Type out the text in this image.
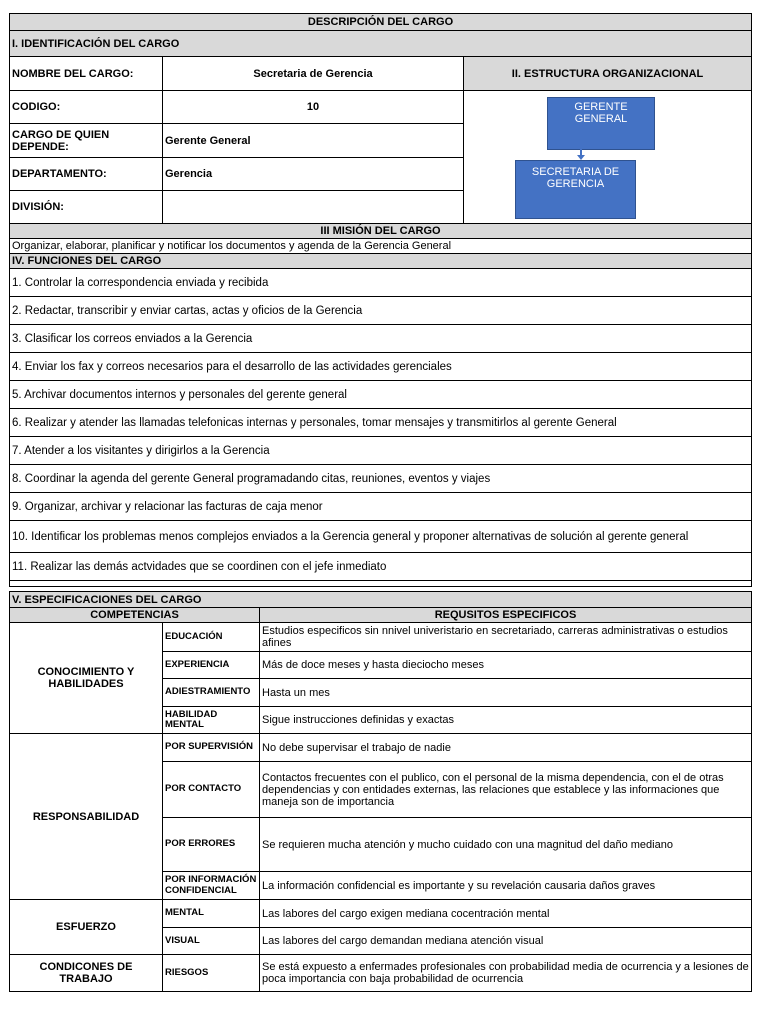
DESCRIPCIÓN DEL CARGO		
I. IDENTIFICACIÓN DEL CARGO		
NOMBRE DEL CARGO:	Secretaria de Gerencia	II. ESTRUCTURA ORGANIZACIONAL
CODIGO:	10	
CARGO DE QUIEN DEPENDE:	Gerente General	
DEPARTAMENTO:	Gerencia	
DIVISIÓN:		
III MISIÓN DEL CARGO		
Organizar, elaborar, planificar y notificar los documentos y agenda de la Gerencia General		
IV. FUNCIONES DEL CARGO		
1. Controlar la correspondencia enviada y recibida		
2. Redactar, transcribir y enviar cartas, actas y oficios de la Gerencia		
3. Clasificar los correos enviados a la Gerencia		
4. Enviar los fax y correos necesarios para el desarrollo de las actividades gerenciales		
5. Archivar documentos internos y personales del gerente general		
6. Realizar y atender las llamadas telefonicas internas y personales, tomar mensajes y transmitirlos al gerente General		
7. Atender a los visitantes y dirigirlos a la Gerencia		
8. Coordinar la agenda del gerente General programadando citas, reuniones, eventos y viajes		
9. Organizar, archivar y relacionar las facturas de caja menor		
10. Identificar los problemas menos complejos enviados a la Gerencia general y proponer alternativas de solución al gerente general		
11. Realizar las demás actvidades que se coordinen con el jefe inmediato		

GERENTE GENERAL
SECRETARIA DE GERENCIA
V. ESPECIFICACIONES DEL CARGO		
COMPETENCIAS		REQUSITOS ESPECIFICOS
CONOCIMIENTO Y HABILIDADES	EDUCACIÓN	Estudios especificos sin nnivel univeristario en secretariado, carreras administrativas o estudios afines
	EXPERIENCIA	Más de doce meses y hasta dieciocho meses
	ADIESTRAMIENTO	Hasta un mes
	HABILIDAD MENTAL	Sigue instrucciones definidas y exactas
RESPONSABILIDAD	POR SUPERVISIÓN	No debe supervisar el trabajo de nadie
	POR CONTACTO	Contactos frecuentes con el publico, con el personal de la misma dependencia, con el de otras dependencias y con entidades externas, las relaciones que establece y las informaciones que maneja son de importancia
	POR ERRORES	Se requieren mucha atención y mucho cuidado con una magnitud del daño mediano
	POR INFORMACIÓN CONFIDENCIAL	La información confidencial es importante y su revelación causaria daños graves
ESFUERZO	MENTAL	Las labores del cargo exigen mediana cocentración mental
	VISUAL	Las labores del cargo demandan mediana atención visual
CONDICONES DE TRABAJO	RIESGOS	Se está expuesto a enfermades profesionales con probabilidad media de ocurrencia y a lesiones de poca importancia con baja probabilidad de ocurrencia
